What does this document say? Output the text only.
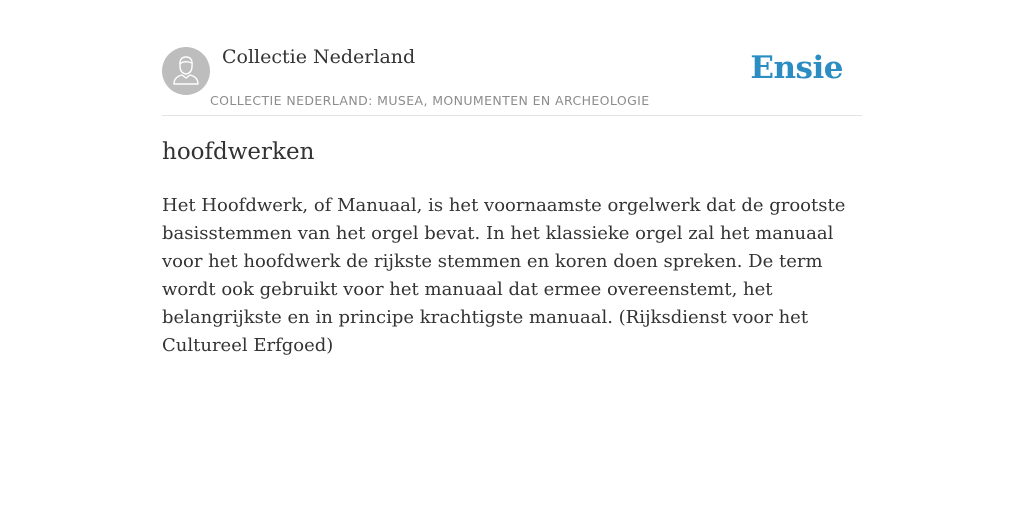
Collectie Nederland
COLLECTIE NEDERLAND: MUSEA, MONUMENTEN EN ARCHEOLOGIE
Ensie
hoofdwerken

Het Hoofdwerk, of Manuaal, is het voornaamste orgelwerk dat de grootste basisstemmen van het orgel bevat. In het klassieke orgel zal het manuaal voor het hoofdwerk de rijkste stemmen en koren doen spreken. De term wordt ook gebruikt voor het manuaal dat ermee overeenstemt, het belangrijkste en in principe krachtigste manuaal. (Rijksdienst voor het Cultureel Erfgoed)
